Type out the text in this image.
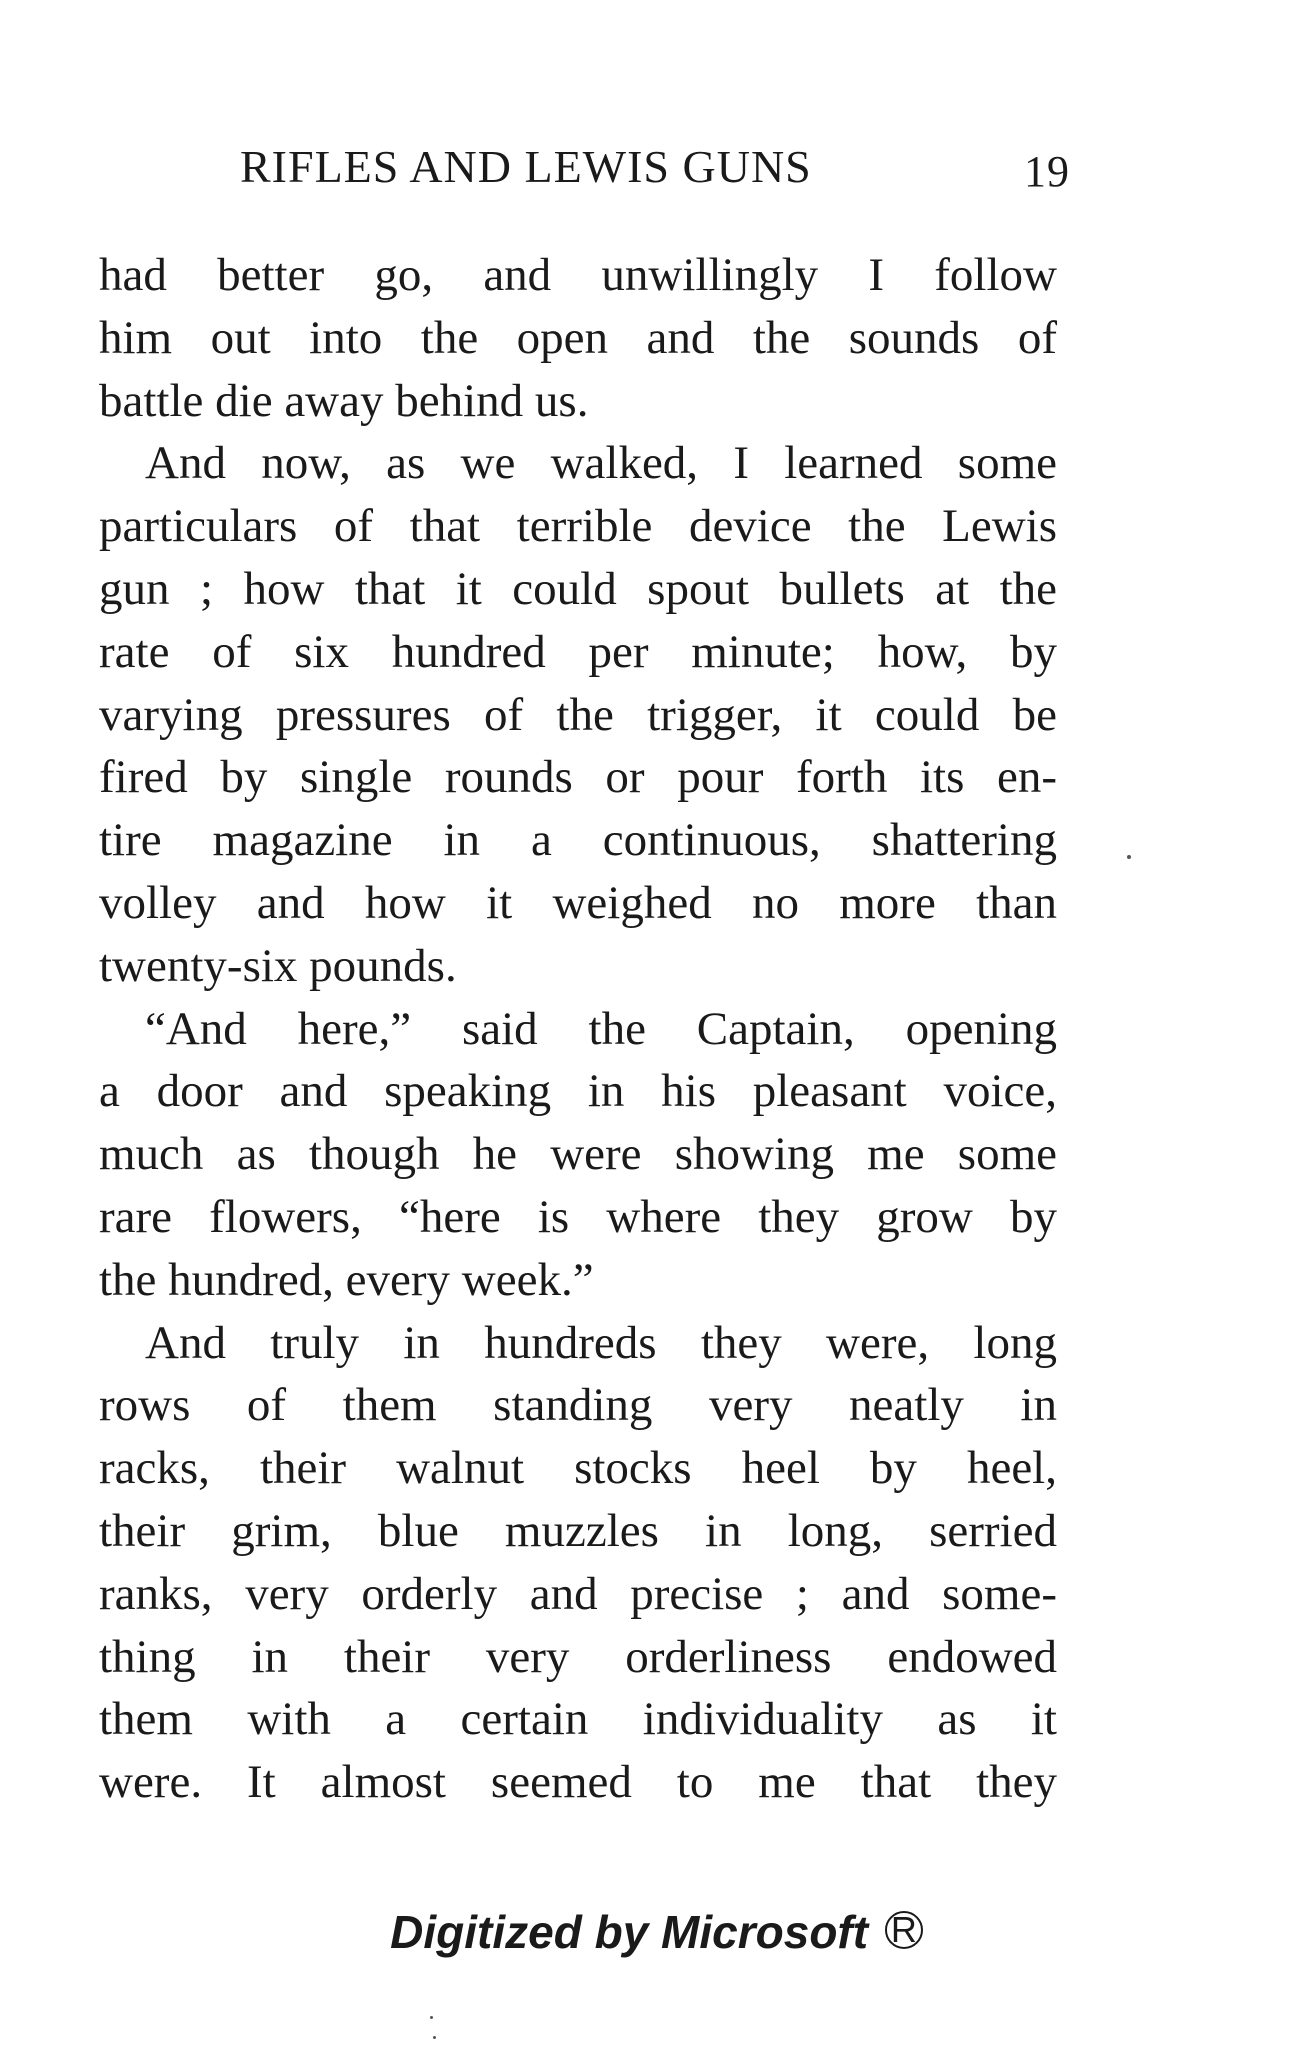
RIFLES AND LEWIS GUNS	19
had better go, and unwillingly I follow
him out into the open and the sounds of
battle die away behind us.
And now, as we walked, I learned some
particulars of that terrible device the Lewis
gun ; how that it could spout bullets at the
rate of six hundred per minute; how, by
varying pressures of the trigger, it could be
fired by single rounds or pour forth its en-
tire magazine in a continuous, shattering
volley and how it weighed no more than
twenty-six pounds.
“And here,” said the Captain, opening
a door and speaking in his pleasant voice,
much as though he were showing me some
rare flowers, “here is where they grow by
the hundred, every week.”
And truly in hundreds they were, long
rows of them standing very neatly in
racks, their walnut stocks heel by heel,
their grim, blue muzzles in long, serried
ranks, very orderly and precise ; and some-
thing in their very orderliness endowed
them with a certain individuality as it
were. It almost seemed to me that they
Digitized by Microsoft R
